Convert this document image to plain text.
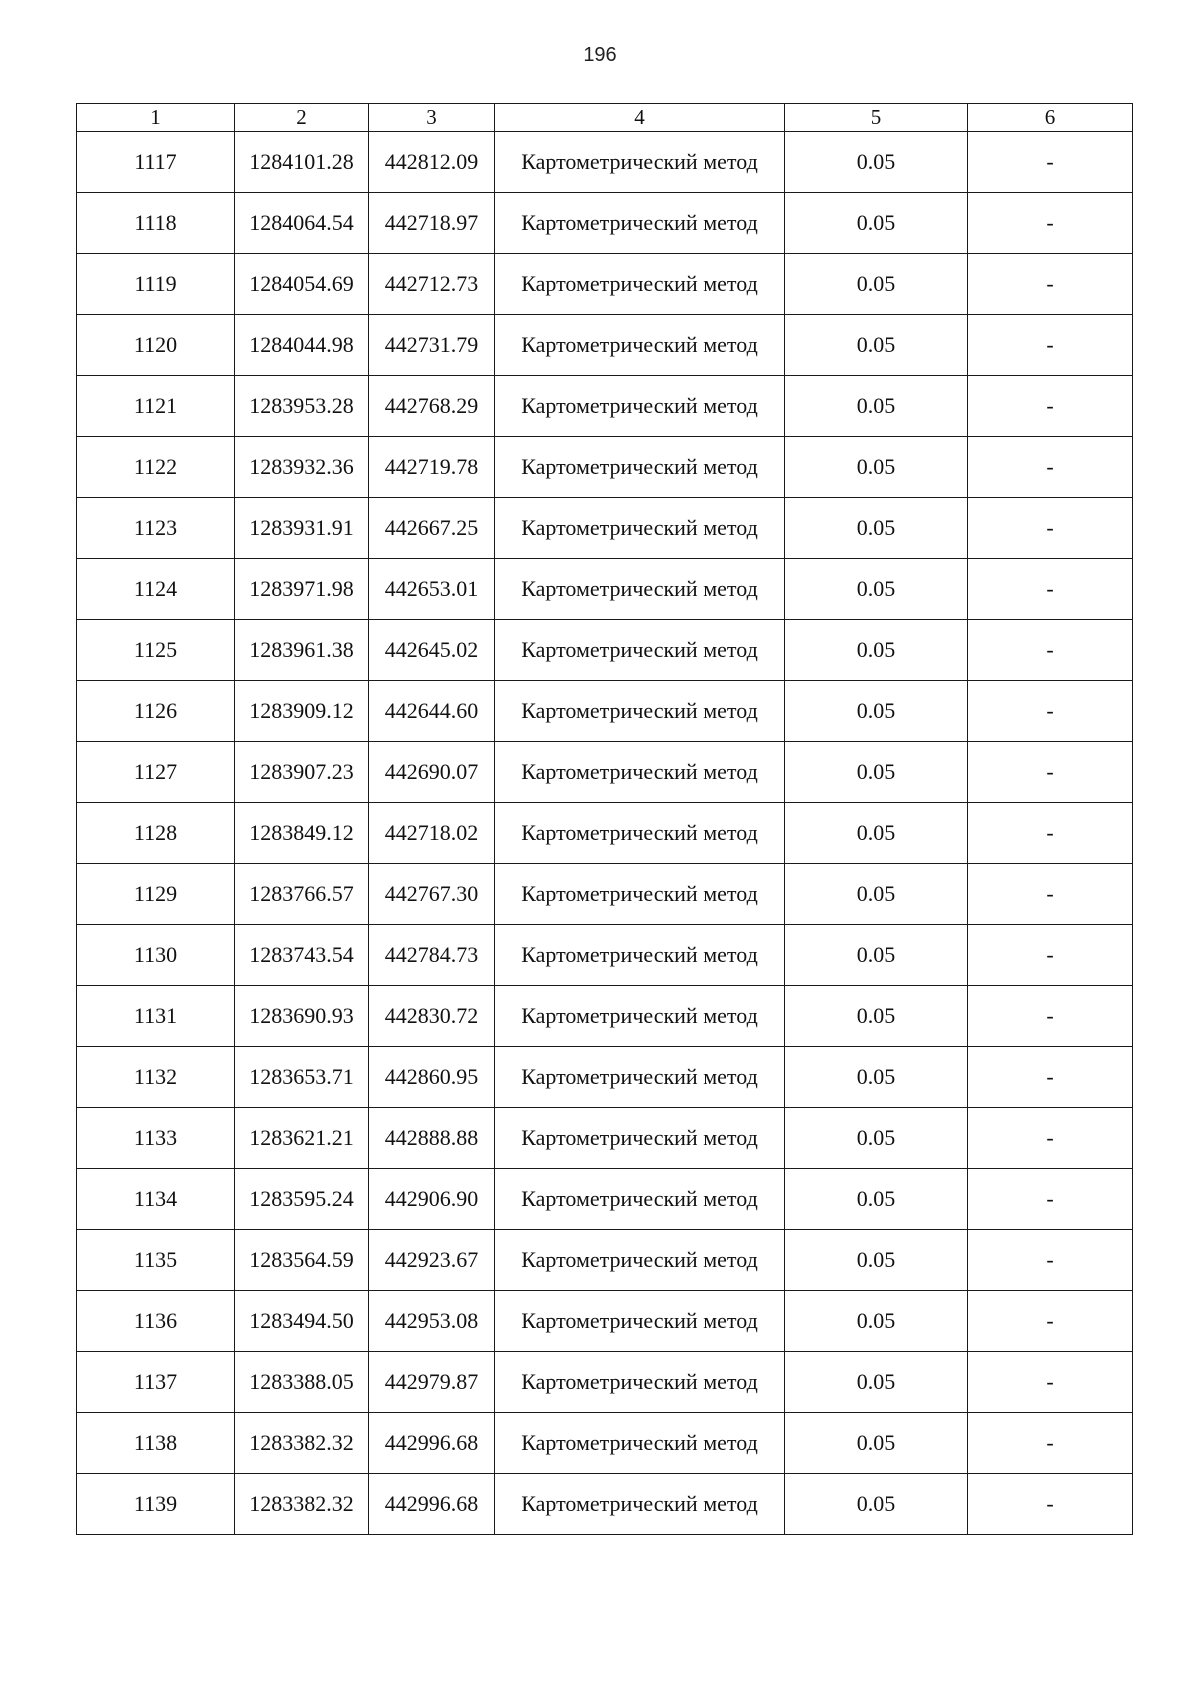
196
1	2	3	4	5	6
1117	1284101.28	442812.09	Картометрический метод	0.05	-
1118	1284064.54	442718.97	Картометрический метод	0.05	-
1119	1284054.69	442712.73	Картометрический метод	0.05	-
1120	1284044.98	442731.79	Картометрический метод	0.05	-
1121	1283953.28	442768.29	Картометрический метод	0.05	-
1122	1283932.36	442719.78	Картометрический метод	0.05	-
1123	1283931.91	442667.25	Картометрический метод	0.05	-
1124	1283971.98	442653.01	Картометрический метод	0.05	-
1125	1283961.38	442645.02	Картометрический метод	0.05	-
1126	1283909.12	442644.60	Картометрический метод	0.05	-
1127	1283907.23	442690.07	Картометрический метод	0.05	-
1128	1283849.12	442718.02	Картометрический метод	0.05	-
1129	1283766.57	442767.30	Картометрический метод	0.05	-
1130	1283743.54	442784.73	Картометрический метод	0.05	-
1131	1283690.93	442830.72	Картометрический метод	0.05	-
1132	1283653.71	442860.95	Картометрический метод	0.05	-
1133	1283621.21	442888.88	Картометрический метод	0.05	-
1134	1283595.24	442906.90	Картометрический метод	0.05	-
1135	1283564.59	442923.67	Картометрический метод	0.05	-
1136	1283494.50	442953.08	Картометрический метод	0.05	-
1137	1283388.05	442979.87	Картометрический метод	0.05	-
1138	1283382.32	442996.68	Картометрический метод	0.05	-
1139	1283382.32	442996.68	Картометрический метод	0.05	-
